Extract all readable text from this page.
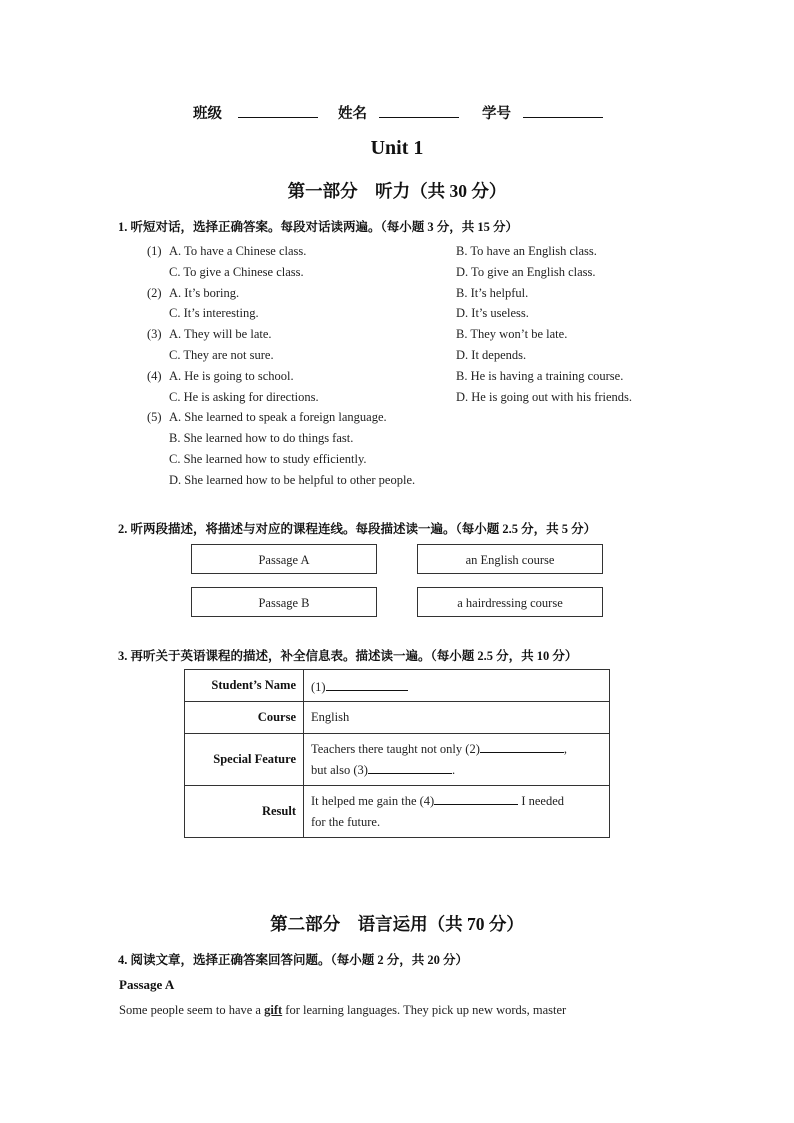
班级	姓名	学号
Unit 1
第一部分　听力（共 30 分）
1. 听短对话，选择正确答案。每段对话读两遍。（每小题 3 分，共 15 分）
(1) A. To have a Chinese class.	B. To have an English class.
C. To give a Chinese class.	D. To give an English class.
(2) A. It’s boring.	B. It’s helpful.
C. It’s interesting.	D. It’s useless.
(3) A. They will be late.	B. They won’t be late.
C. They are not sure.	D. It depends.
(4) A. He is going to school.	B. He is having a training course.
C. He is asking for directions.	D. He is going out with his friends.
(5) A. She learned to speak a foreign language.
B. She learned how to do things fast.
C. She learned how to study efficiently.
D. She learned how to be helpful to other people.
2. 听两段描述，将描述与对应的课程连线。每段描述读一遍。（每小题 2.5 分，共 5 分）
Passage A	an English course
Passage B	a hairdressing course
3. 再听关于英语课程的描述，补全信息表。描述读一遍。（每小题 2.5 分，共 10 分）
Student’s Name	(1)
Course	English
Special Feature	Teachers there taught not only (2) ,
but also (3) .

Result	It helped me gain the (4) I needed
for the future.
第二部分　语言运用（共 70 分）
4. 阅读文章，选择正确答案回答问题。（每小题 2 分，共 20 分）
Passage A
Some people seem to have a gift for learning languages. They pick up new words, master
